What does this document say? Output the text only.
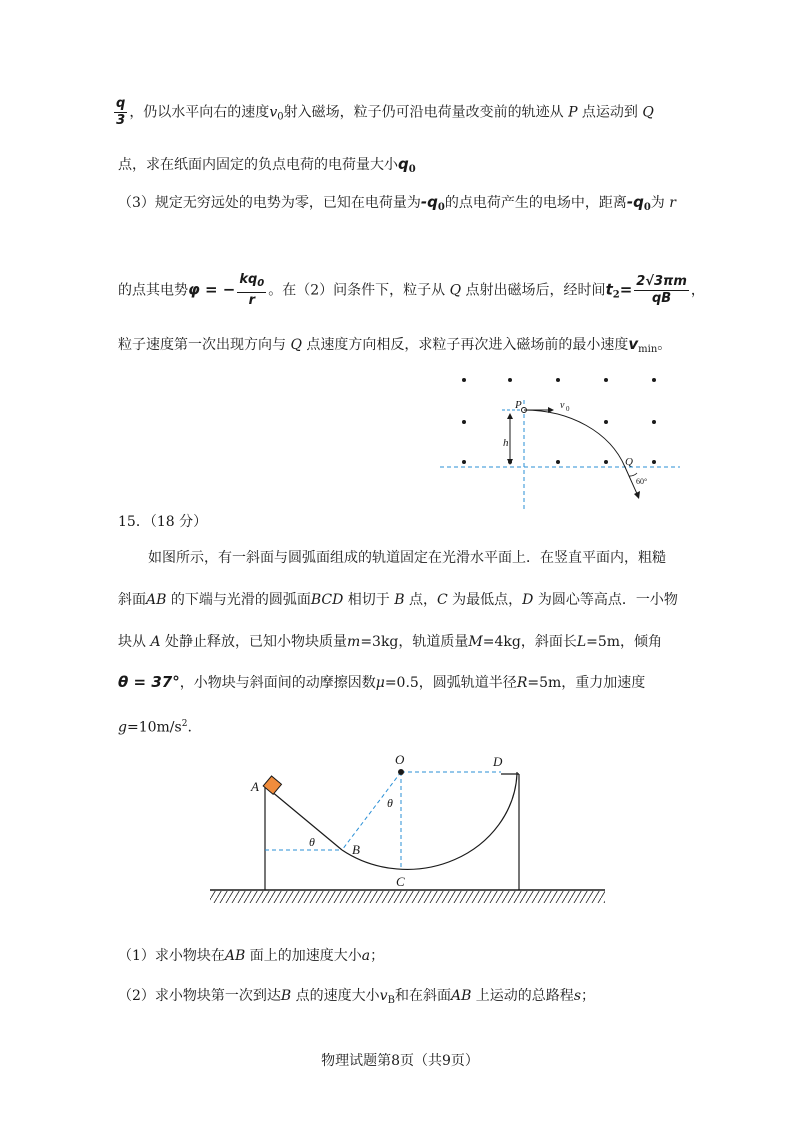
$\frac{q}{3}$ ，仍以水平向右的速度$v_0$射入磁场，粒子仍可沿电荷量改变前的轨迹从 P 点运动到 Q
点，求在纸面内固定的负点电荷的电荷量大小$q_0$
（3）规定无穷远处的电势为零，已知在电荷量为$-q_0$的点电荷产生的电场中，距离$-q_0$为 r
的点其电势φ = − $\frac{kq_0}{r}$ 。在（2）问条件下，粒子从 Q 点射出磁场后，经时间$t_2= \frac{2√3\pi m}{qB}$ ，
粒子速度第一次出现方向与 Q 点速度方向相反，求粒子再次进入磁场前的最小速度$v_{min}$。
P	v 0
h
Q
60°
15．（18 分）
如图所示，有一斜面与圆弧面组成的轨道固定在光滑水平面上．在竖直平面内，粗糙
斜面AB 的下端与光滑的圆弧面BCD 相切于 B 点，C 为最低点，D 为圆心等高点．一小物
块从 A 处静止释放，已知小物块质量m=3kg，轨道质量M=4kg，斜面长L=5m，倾角
θ = 37°，小物块与斜面间的动摩擦因数μ=0.5，圆弧轨道半径R=5m，重力加速度
$g=10m/s^2$.
O	D
A
θ
θ
B
C
（1）求小物块在AB 面上的加速度大小a；
（2）求小物块第一次到达B 点的速度大小$v_B$和在斜面AB 上运动的总路程s；
物理试题第8页（共9页）
